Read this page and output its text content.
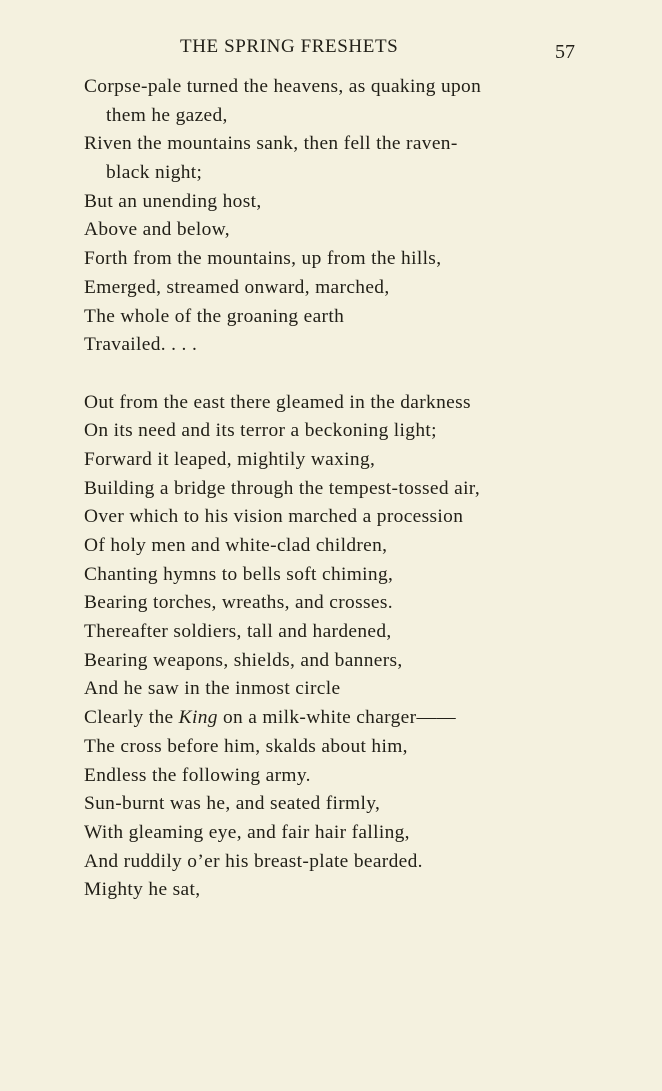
THE SPRING FRESHETS	57
Corpse-pale turned the heavens, as quaking upon
them he gazed,
Riven the mountains sank, then fell the raven-
black night;
But an unending host,
Above and below,
Forth from the mountains, up from the hills,
Emerged, streamed onward, marched,
The whole of the groaning earth
Travailed. . . .
Out from the east there gleamed in the darkness
On its need and its terror a beckoning light;
Forward it leaped, mightily waxing,
Building a bridge through the tempest-tossed air,
Over which to his vision marched a procession
Of holy men and white-clad children,
Chanting hymns to bells soft chiming,
Bearing torches, wreaths, and crosses.
Thereafter soldiers, tall and hardened,
Bearing weapons, shields, and banners,
And he saw in the inmost circle
Clearly the King on a milk-white charger——
The cross before him, skalds about him,
Endless the following army.
Sun-burnt was he, and seated firmly,
With gleaming eye, and fair hair falling,
And ruddily o’er his breast-plate bearded.
Mighty he sat,
